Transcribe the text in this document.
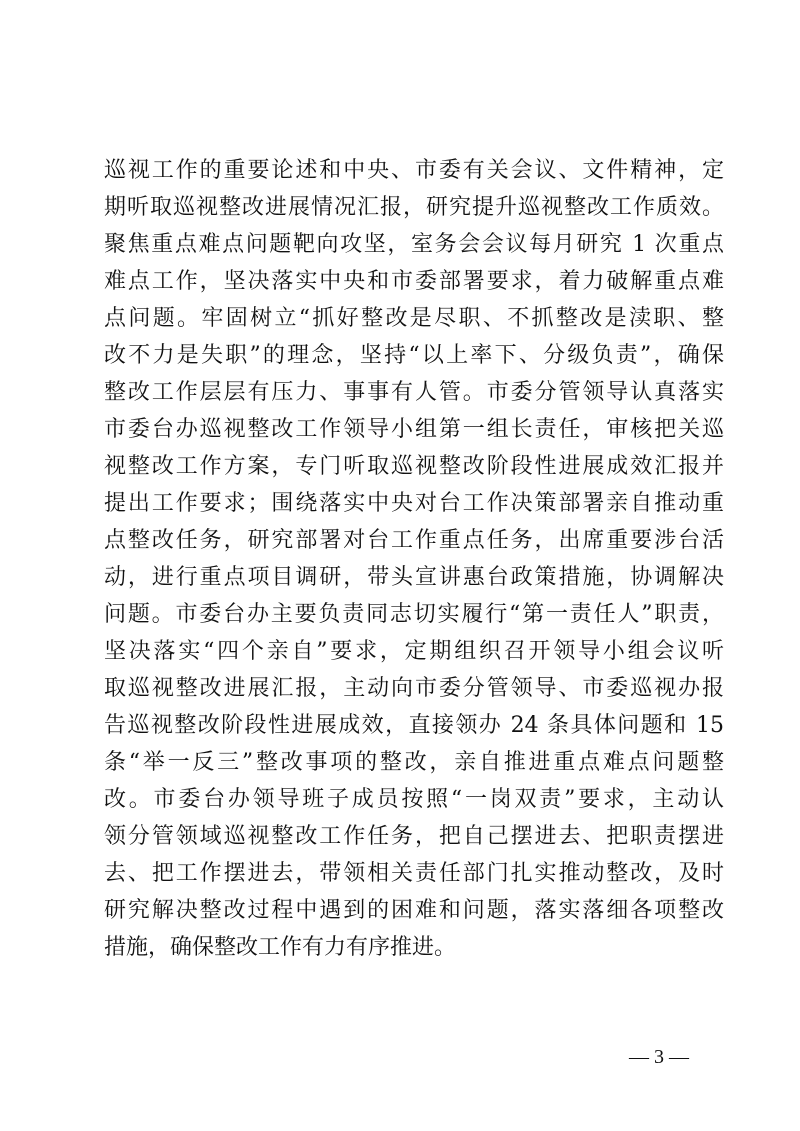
巡视工作的重要论述和中央、市委有关会议、文件精神，定
期听取巡视整改进展情况汇报，研究提升巡视整改工作质效。
聚焦重点难点问题靶向攻坚，室务会会议每月研究 1 次重点
难点工作，坚决落实中央和市委部署要求，着力破解重点难
点问题。牢固树立“抓好整改是尽职、不抓整改是渎职、整
改不力是失职”的理念，坚持“以上率下、分级负责”，确保
整改工作层层有压力、事事有人管。市委分管领导认真落实
市委台办巡视整改工作领导小组第一组长责任，审核把关巡
视整改工作方案，专门听取巡视整改阶段性进展成效汇报并
提出工作要求；围绕落实中央对台工作决策部署亲自推动重
点整改任务，研究部署对台工作重点任务，出席重要涉台活
动，进行重点项目调研，带头宣讲惠台政策措施，协调解决
问题。市委台办主要负责同志切实履行“第一责任人”职责，
坚决落实“四个亲自”要求，定期组织召开领导小组会议听
取巡视整改进展汇报，主动向市委分管领导、市委巡视办报
告巡视整改阶段性进展成效，直接领办 24 条具体问题和 15
条“举一反三”整改事项的整改，亲自推进重点难点问题整
改。市委台办领导班子成员按照“一岗双责”要求，主动认
领分管领域巡视整改工作任务，把自己摆进去、把职责摆进
去、把工作摆进去，带领相关责任部门扎实推动整改，及时
研究解决整改过程中遇到的困难和问题，落实落细各项整改
措施，确保整改工作有力有序推进。
— 3 —
